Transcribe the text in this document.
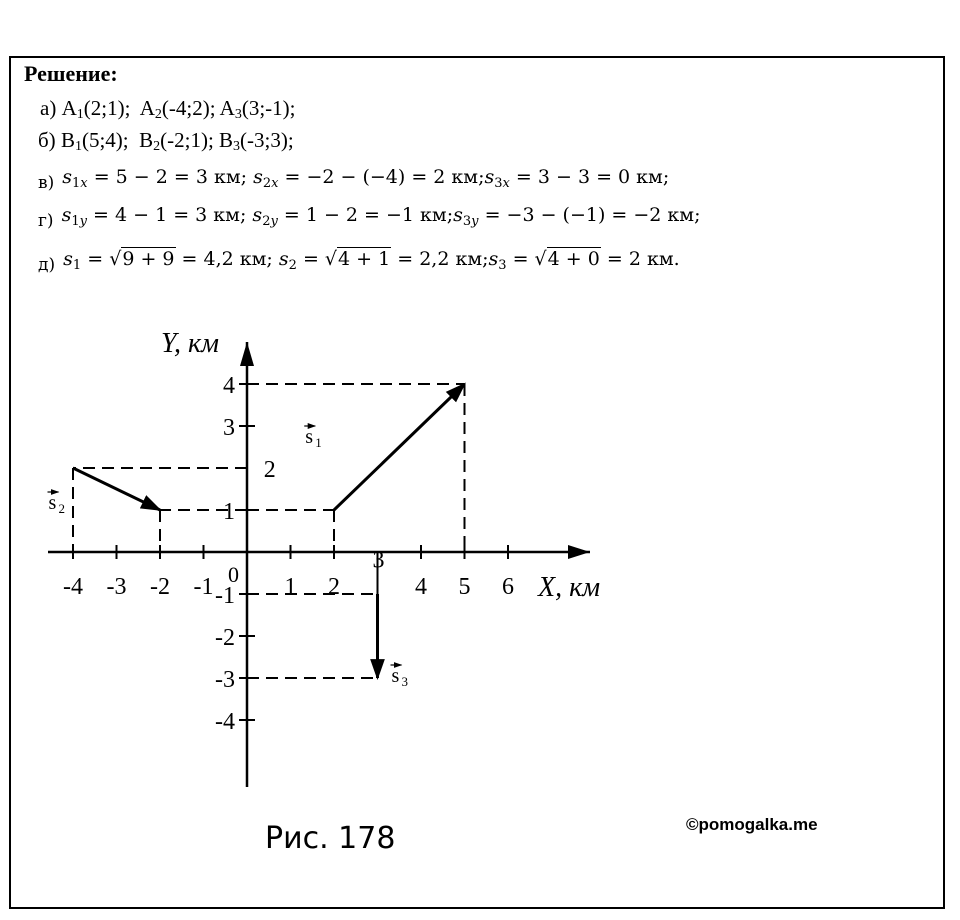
Решение:
а) A1(2;1); A2(-4;2); A3(3;-1);
б) B1(5;4); B2(-2;1); B3(-3;3);
в) $s_{1x} = 5 - 2 = 3$ км; $s_{2x} = -2 - (-4) = 2$ $км;s_{3x} = 3 - 3 = 0$ км;
г) $s_{1y} = 4 - 1 = 3$ км; $s_{2y} = 1 - 2 = -1$ $км;s_{3y} = -3 - (-1) = -2$ км;
д) $s_1 = √9 + 9 = 4,2$ км; $s_2 = √4 + 1 = 2,2$ $км;s_3 = √4 + 0 = 2$ км.
Рис. 178	©pomogalka.me
-4 -3 -2 -1	1 2	4 5 6
4
3
1
-1
-2
-3
-4
0
Y, км
X, км
2
3
s 1
s 2
s 3
